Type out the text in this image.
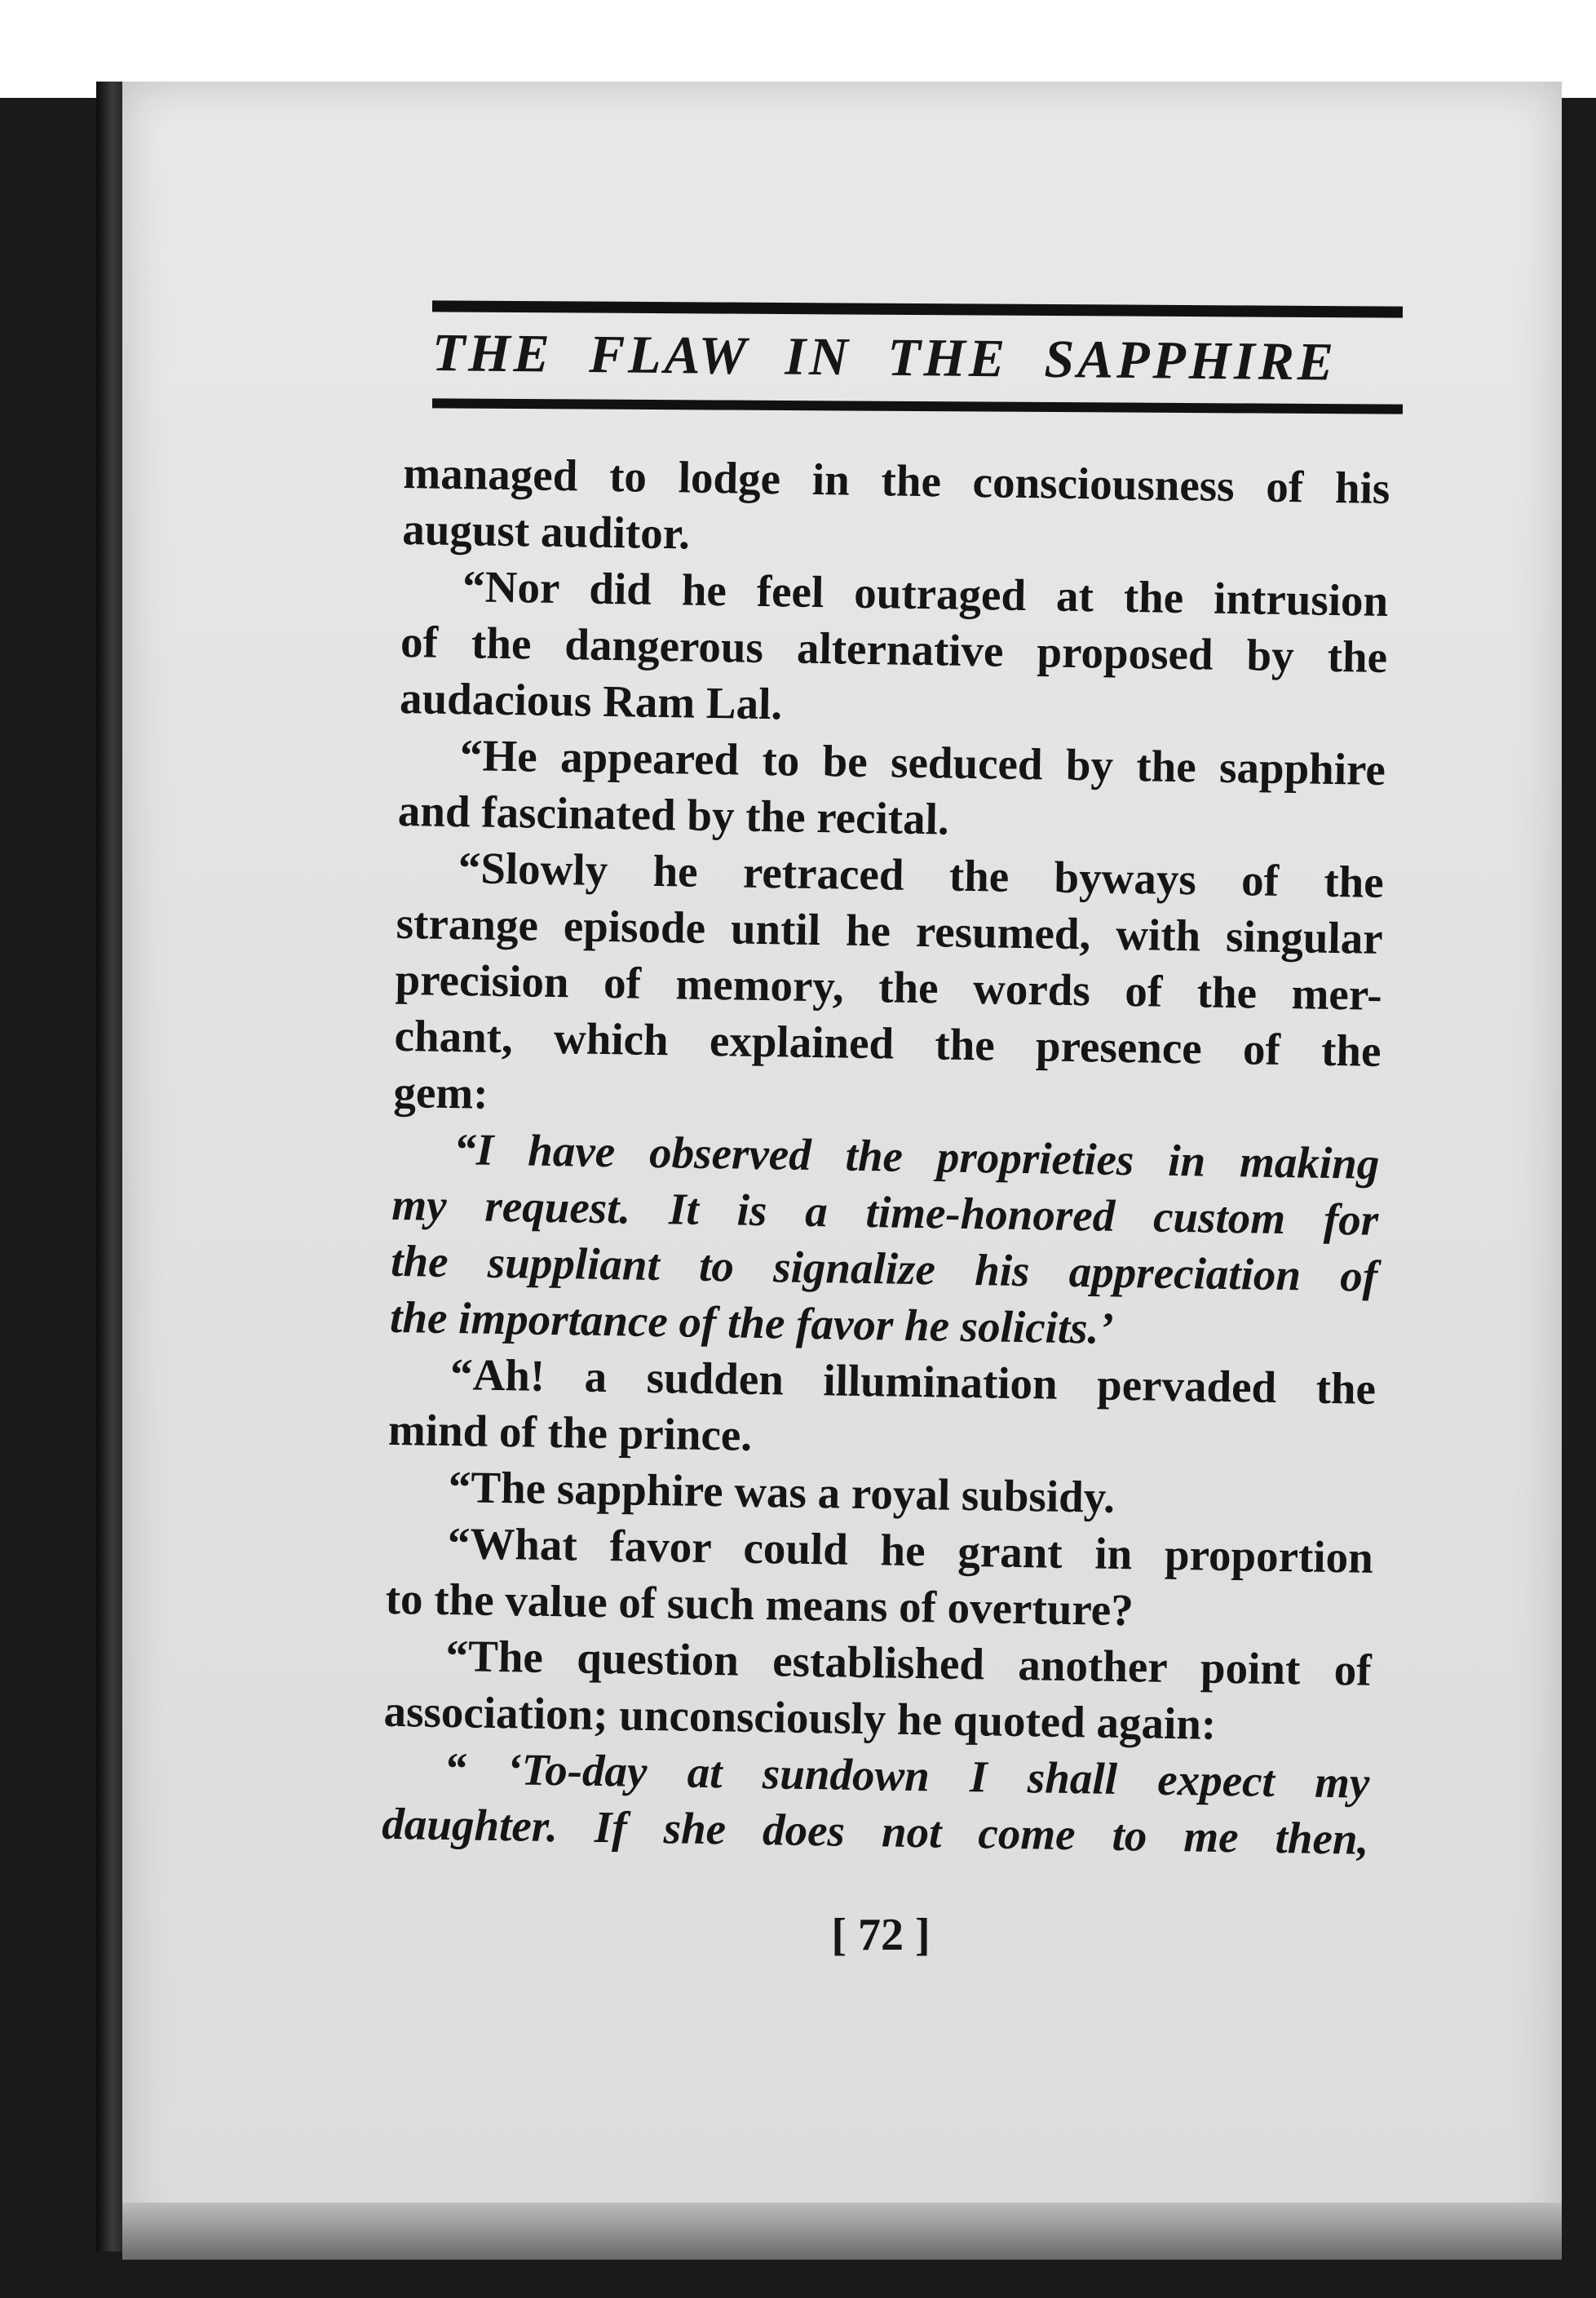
THE FLAW IN THE SAPPHIRE
managed to lodge in the consciousness of his
august auditor.
“Nor did he feel outraged at the intrusion
of the dangerous alternative proposed by the
audacious Ram Lal.
“He appeared to be seduced by the sapphire
and fascinated by the recital.
“Slowly he retraced the byways of the
strange episode until he resumed, with singular
precision of memory, the words of the mer-
chant, which explained the presence of the
gem:
“I have observed the proprieties in making
my request. It is a time-honored custom for
the suppliant to signalize his appreciation of
the importance of the favor he solicits.’
“Ah! a sudden illumination pervaded the
mind of the prince.
“The sapphire was a royal subsidy.
“What favor could he grant in proportion
to the value of such means of overture?
“The question established another point of
association; unconsciously he quoted again:
“ ‘To-day at sundown I shall expect my
daughter. If she does not come to me then,
[ 72 ]
